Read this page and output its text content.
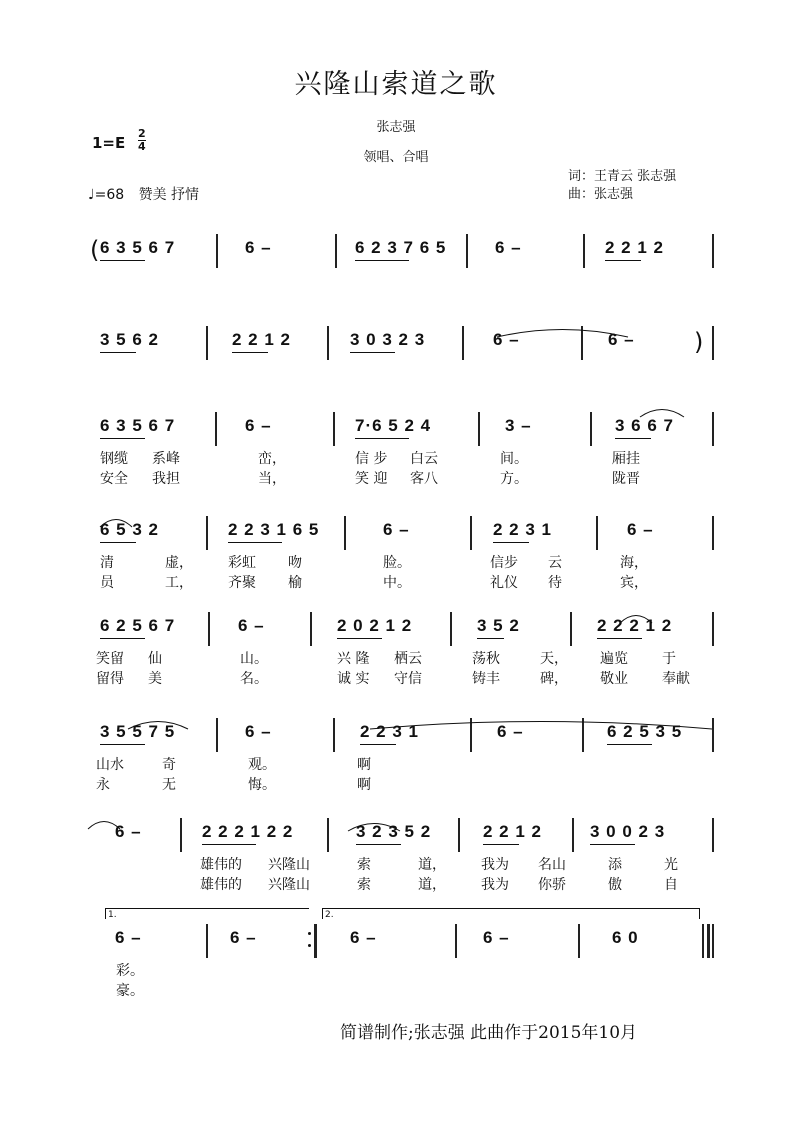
兴隆山索道之歌
张志强
领唱、合唱
1=E
2
4
♩=68 赞美 抒情
词：王青云 张志强
曲：张志强
6 3 5 6 7	6 –	6 2 3 7 6 5	6 –	2 2 1 2
3 5 6 2	2 2 1 2	3 0 3 2 3	6 –	6 –
6 3 5 6 7	6 –	7·6 5 2 4	3 –	3 6 6 7
钢缆 系峰	峦，	信 步 白云	间。	厢挂
安全 我担	当，	笑 迎 客八	方。	陇晋
6 5 3 2	2 2 3 1 6 5	6 –	2 2 3 1	6 –
清	虚，	彩虹 吻	脸。	信步 云	海，
员	工，	齐聚 榆	中。	礼仪 待	宾，
6 2 5 6 7	6 –	2 0 2 1 2	3 5 2	2 2 2 1 2
笑留 仙	山。	兴 隆 栖云	荡秋	天， 遍览 于
留得 美	名。	诚 实 守信	铸丰	碑， 敬业 奉献
3 5 5 7 5	6 –	2 2 3 1	6 –	6 2 5 3 5
山水	奇	观。	啊
永	无	悔。	啊
6 –	2 2 2 1 2 2	3 2 3 5 2	2 2 1 2	3 0 0 2 3
雄伟的 兴隆山	索	道，	我为 名山	添	光
雄伟的 兴隆山	索	道，	我为 你骄	傲	自
6 –	6 –	6 –	6 –	6 0
彩。
豪。
1.	2.
(
)
简谱制作;张志强 此曲作于2015年10月
